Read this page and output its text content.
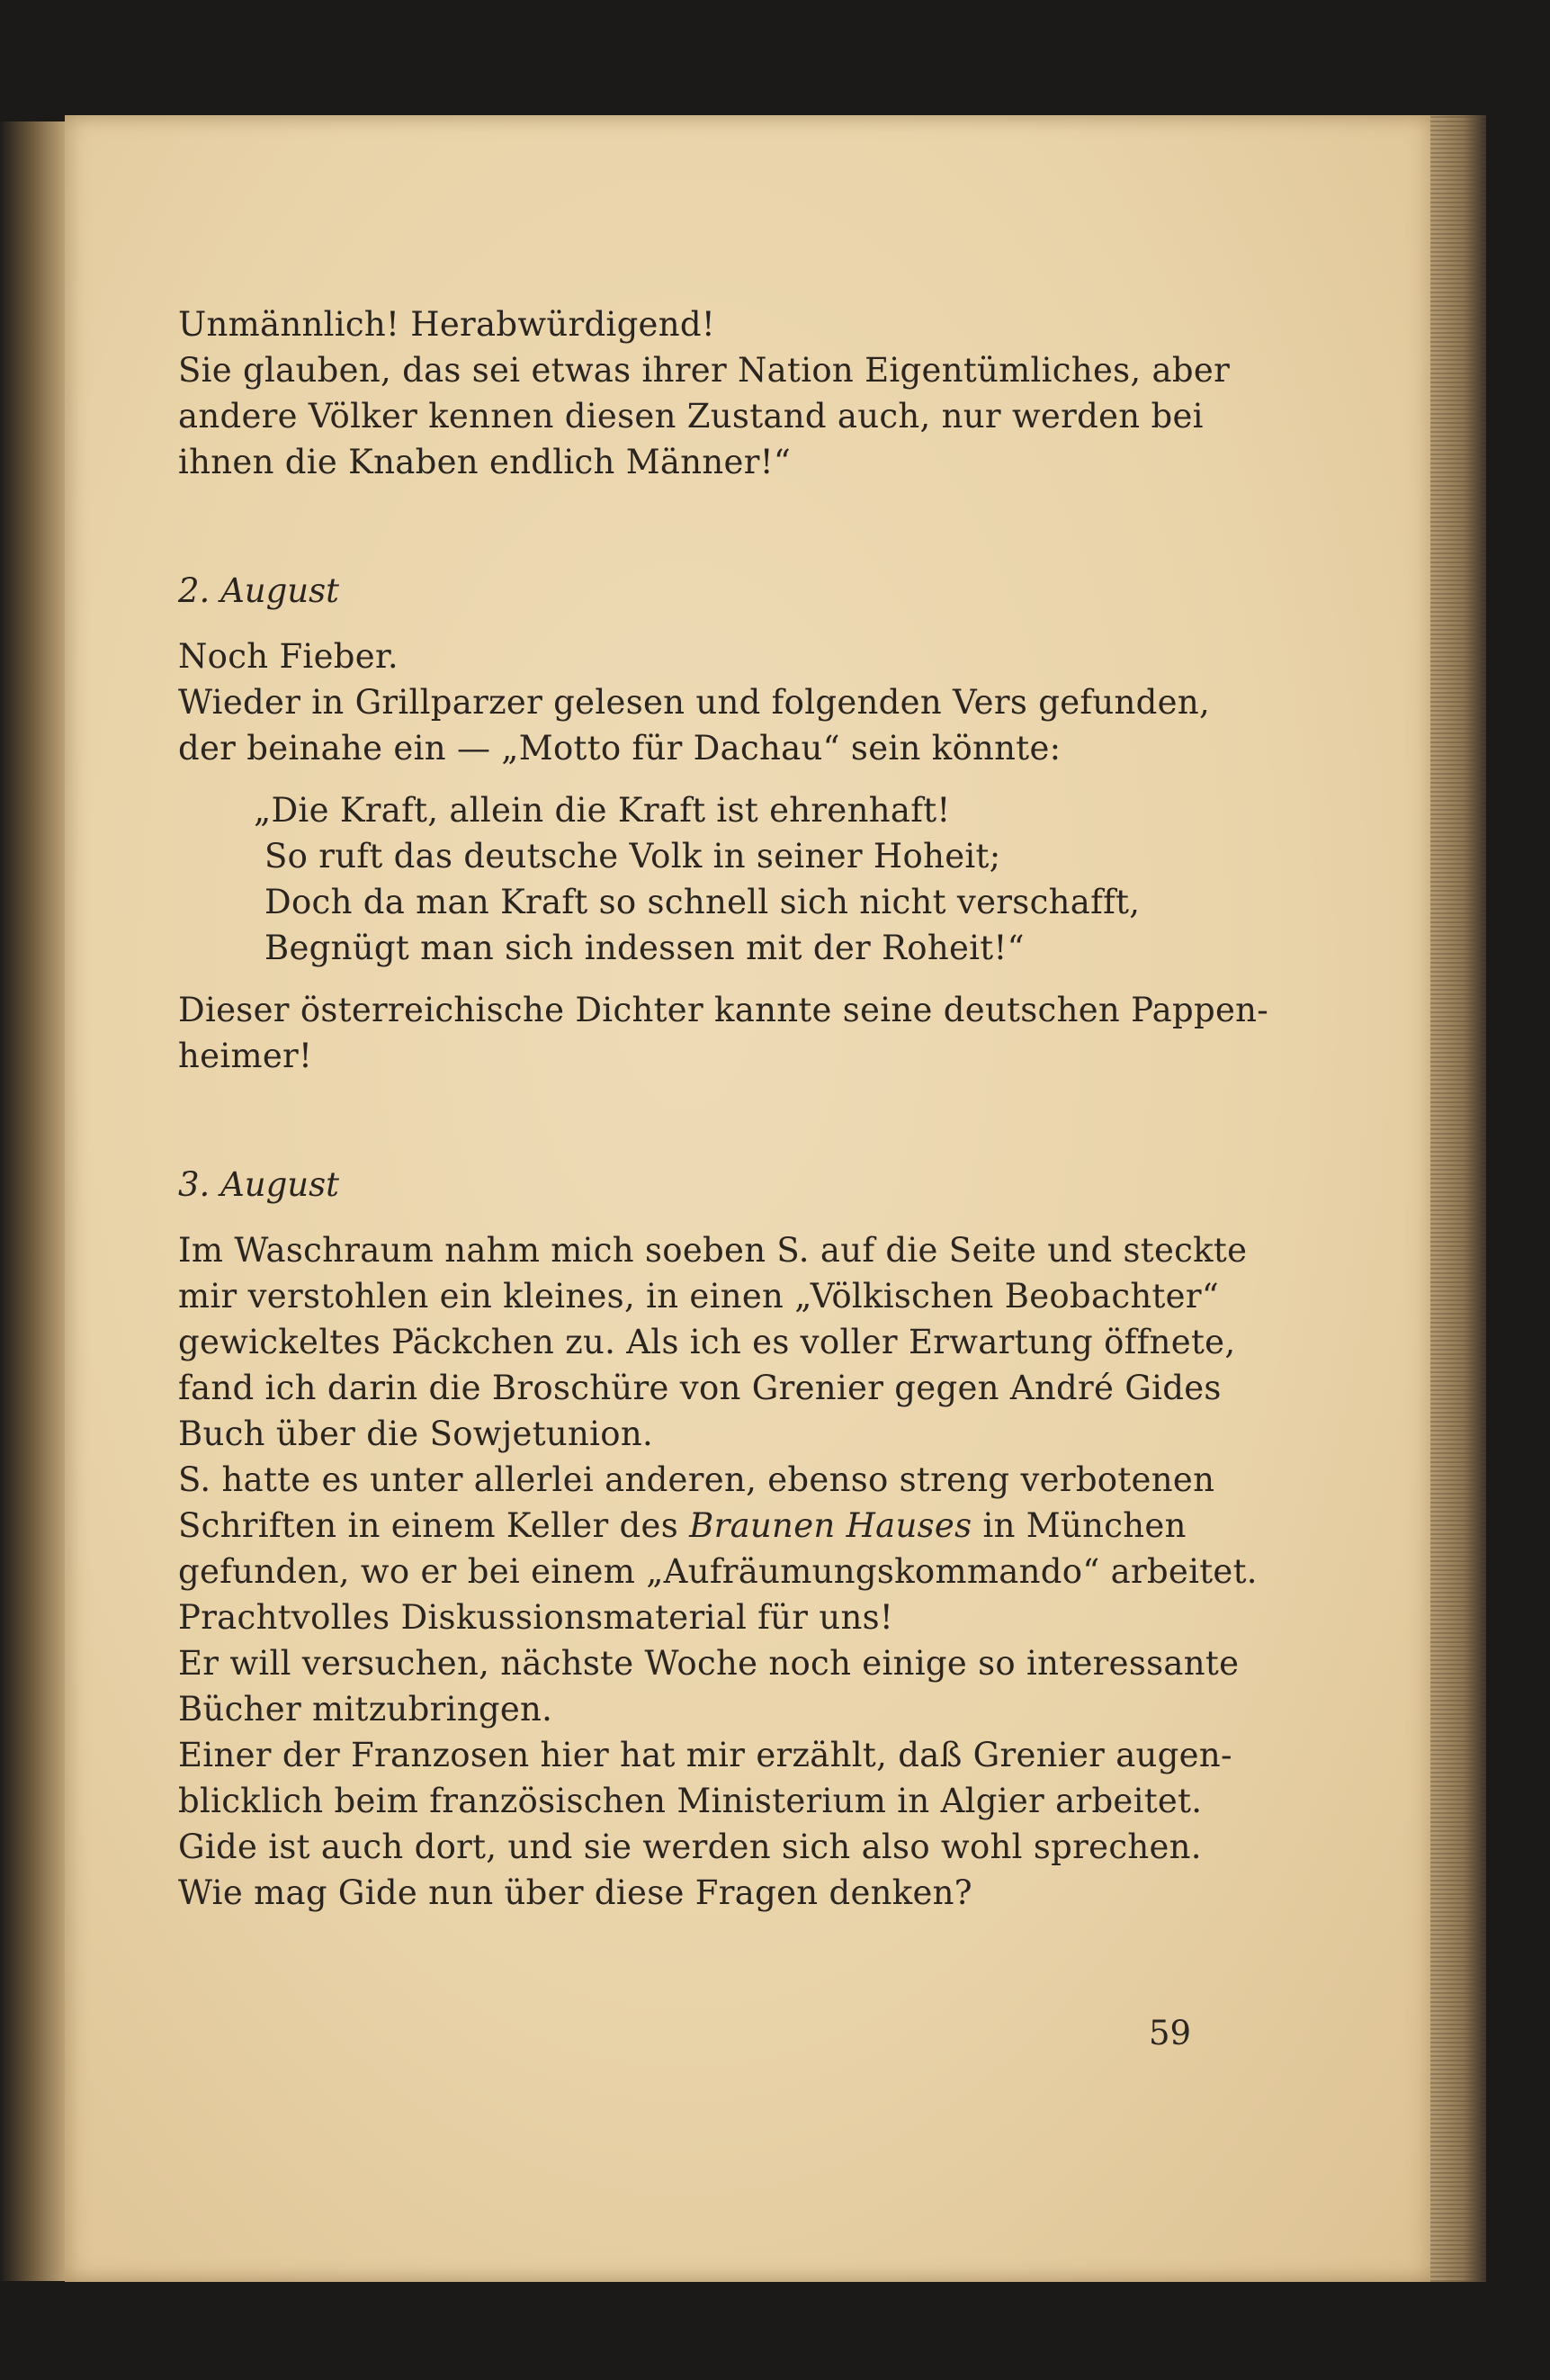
Unmännlich! Herabwürdigend!

Sie glauben, das sei etwas ihrer Nation Eigentümliches, aber

andere Völker kennen diesen Zustand auch, nur werden bei

ihnen die Knaben endlich Männer!“

2. August

Noch Fieber.

Wieder in Grillparzer gelesen und folgenden Vers gefunden,

der beinahe ein — „Motto für Dachau“ sein könnte:

„Die Kraft, allein die Kraft ist ehrenhaft!

So ruft das deutsche Volk in seiner Hoheit;

Doch da man Kraft so schnell sich nicht verschafft,

Begnügt man sich indessen mit der Roheit!“

Dieser österreichische Dichter kannte seine deutschen Pappen-

heimer!

3. August

Im Waschraum nahm mich soeben S. auf die Seite und steckte

mir verstohlen ein kleines, in einen „Völkischen Beobachter“

gewickeltes Päckchen zu. Als ich es voller Erwartung öffnete,

fand ich darin die Broschüre von Grenier gegen André Gides

Buch über die Sowjetunion.

S. hatte es unter allerlei anderen, ebenso streng verbotenen

Schriften in einem Keller des Braunen Hauses in München

gefunden, wo er bei einem „Aufräumungskommando“ arbeitet.

Prachtvolles Diskussionsmaterial für uns!

Er will versuchen, nächste Woche noch einige so interessante

Bücher mitzubringen.

Einer der Franzosen hier hat mir erzählt, daß Grenier augen-

blicklich beim französischen Ministerium in Algier arbeitet.

Gide ist auch dort, und sie werden sich also wohl sprechen.

Wie mag Gide nun über diese Fragen denken?

59
